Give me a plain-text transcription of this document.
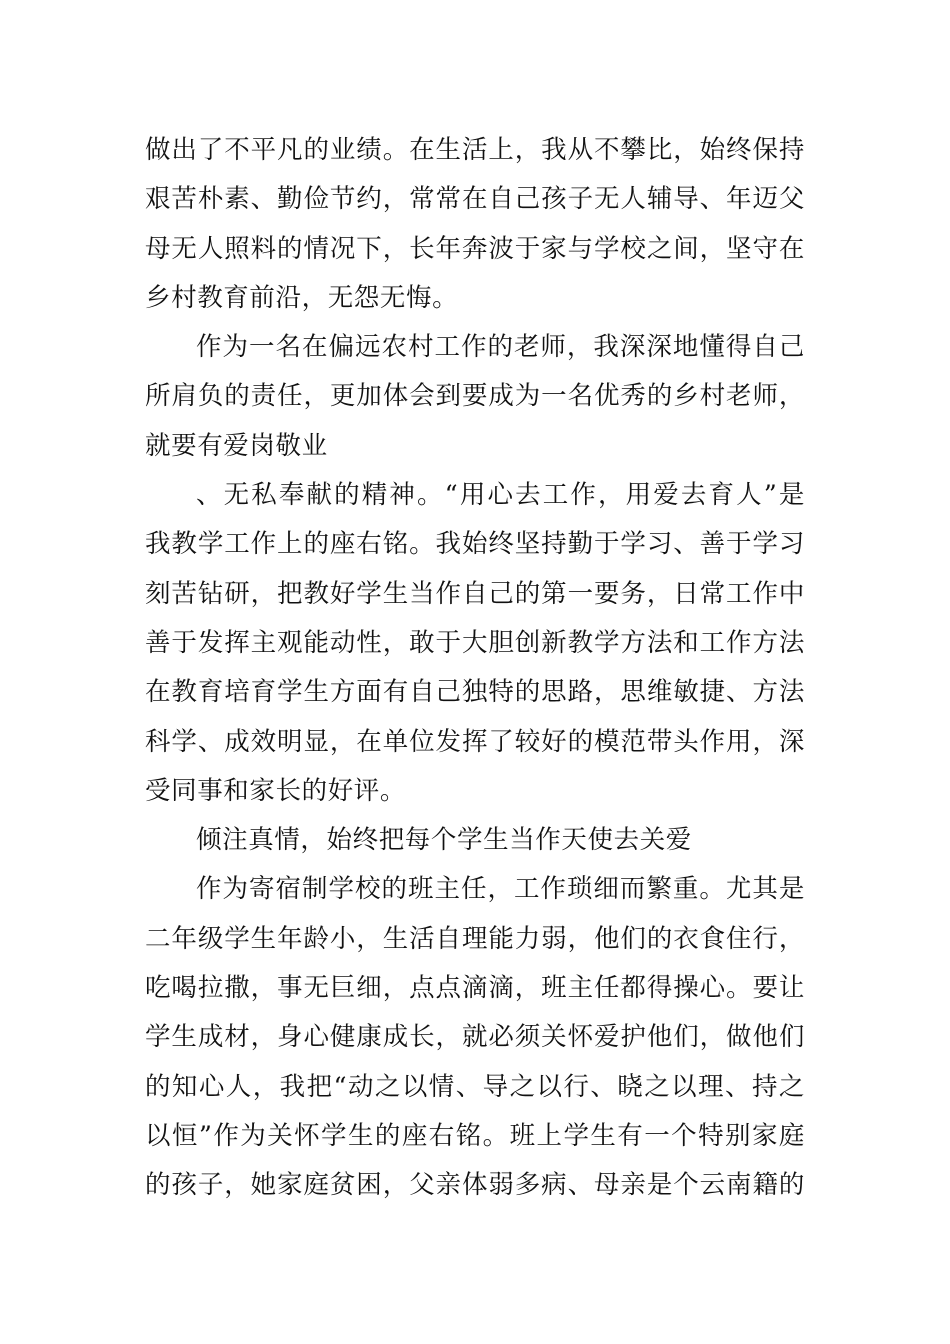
做出了不平凡的业绩。在生活上，我从不攀比，始终保持
艰苦朴素、勤俭节约，常常在自己孩子无人辅导、年迈父
母无人照料的情况下，长年奔波于家与学校之间，坚守在
乡村教育前沿，无怨无悔。
作为一名在偏远农村工作的老师，我深深地懂得自己
所肩负的责任，更加体会到要成为一名优秀的乡村老师，
就要有爱岗敬业
、无私奉献的精神。“用心去工作，用爱去育人”是
我教学工作上的座右铭。我始终坚持勤于学习、善于学习
刻苦钻研，把教好学生当作自己的第一要务，日常工作中
善于发挥主观能动性，敢于大胆创新教学方法和工作方法
在教育培育学生方面有自己独特的思路，思维敏捷、方法
科学、成效明显，在单位发挥了较好的模范带头作用，深
受同事和家长的好评。
倾注真情，始终把每个学生当作天使去关爱
作为寄宿制学校的班主任，工作琐细而繁重。尤其是
二年级学生年龄小，生活自理能力弱，他们的衣食住行，
吃喝拉撒，事无巨细，点点滴滴，班主任都得操心。要让
学生成材，身心健康成长，就必须关怀爱护他们，做他们
的知心人，我把“动之以情、导之以行、晓之以理、持之
以恒”作为关怀学生的座右铭。班上学生有一个特别家庭
的孩子，她家庭贫困，父亲体弱多病、母亲是个云南籍的
